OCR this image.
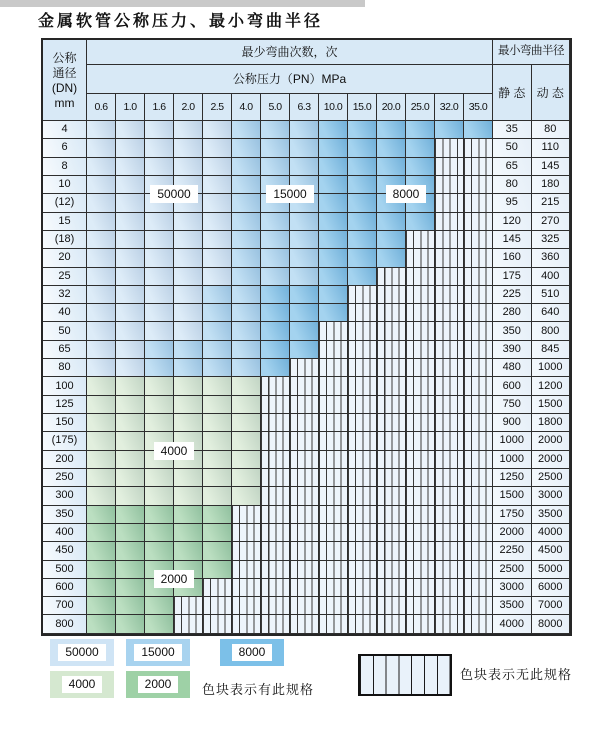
金属软管公称压力、最小弯曲半径
公称
通径
(DN)
mm
最少弯曲次数，次	最小弯曲半径
公称压力（PN）MPa
静 态 动 态
0.6	1.0	1.6	2.0	2.5	4.0	5.0	6.3	10.0	15.0	20.0	25.0	32.0	35.0
4	35	80
6	50	110
8	65	145
10	80	180
(12)	95	215
15	120	270
(18)	145	325
20	160	360
25	175	400
32	225	510
40	280	640
50	350	800
65	390	845
80	480	1000
100	600	1200
125	750	1500
150	900	1800
(175)	1000	2000
200	1000	2000
250	1250	2500
300	1500	3000
350	1750	3500
400	2000	4000
450	2250	4500
500	2500	5000
600	3000	6000
700	3500	7000
800	4000	8000
50000	15000	8000
4000
2000
色块表示有此规格
色块表示无此规格
50000	15000	8000
4000	2000
